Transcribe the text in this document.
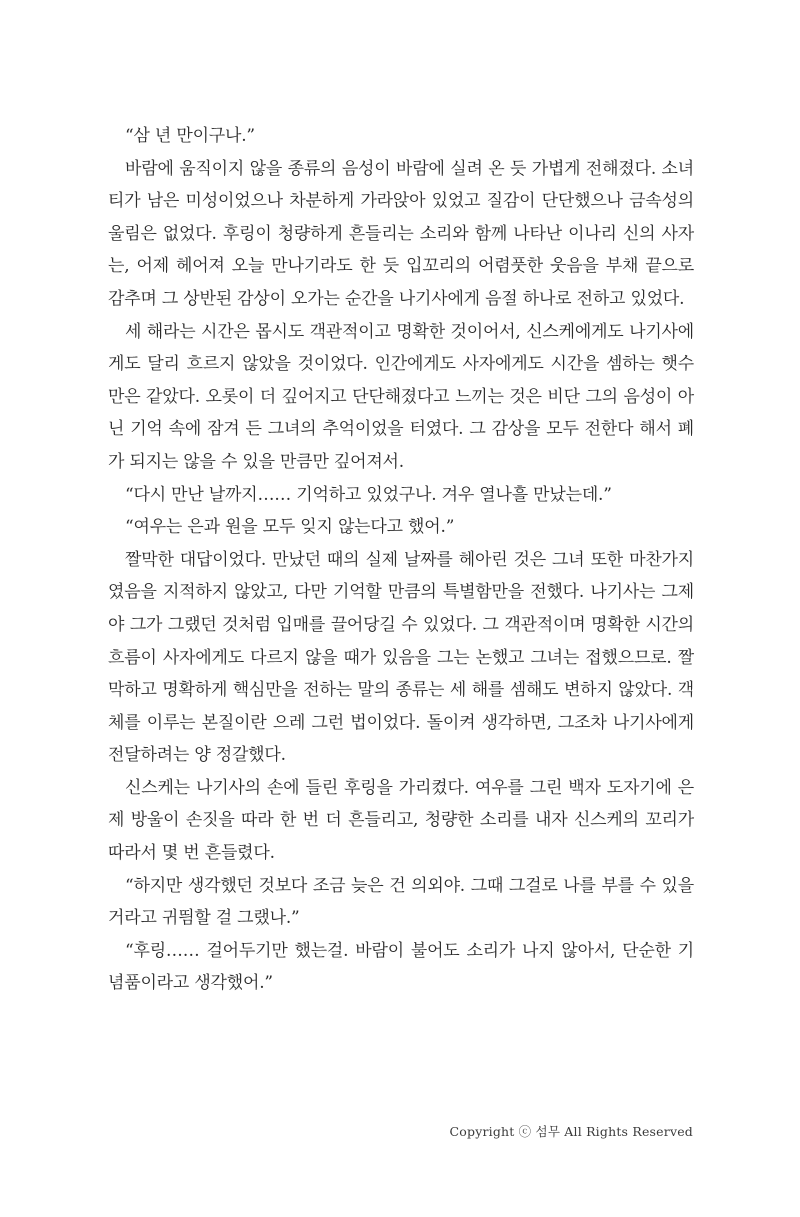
“삼 년 만이구나.”

바람에 움직이지 않을 종류의 음성이 바람에 실려 온 듯 가볍게 전해졌다. 소녀티가 남은 미성이었으나 차분하게 가라앉아 있었고 질감이 단단했으나 금속성의 울림은 없었다. 후링이 청량하게 흔들리는 소리와 함께 나타난 이나리 신의 사자는, 어제 헤어져 오늘 만나기라도 한 듯 입꼬리의 어렴풋한 웃음을 부채 끝으로 감추며 그 상반된 감상이 오가는 순간을 나기사에게 음절 하나로 전하고 있었다.

세 해라는 시간은 몹시도 객관적이고 명확한 것이어서, 신스케에게도 나기사에게도 달리 흐르지 않았을 것이었다. 인간에게도 사자에게도 시간을 셈하는 햇수만은 같았다. 오롯이 더 깊어지고 단단해졌다고 느끼는 것은 비단 그의 음성이 아닌 기억 속에 잠겨 든 그녀의 추억이었을 터였다. 그 감상을 모두 전한다 해서 폐가 되지는 않을 수 있을 만큼만 깊어져서.

“다시 만난 날까지…… 기억하고 있었구나. 겨우 열나흘 만났는데.”

“여우는 은과 원을 모두 잊지 않는다고 했어.”

짤막한 대답이었다. 만났던 때의 실제 날짜를 헤아린 것은 그녀 또한 마찬가지였음을 지적하지 않았고, 다만 기억할 만큼의 특별함만을 전했다. 나기사는 그제야 그가 그랬던 것처럼 입매를 끌어당길 수 있었다. 그 객관적이며 명확한 시간의 흐름이 사자에게도 다르지 않을 때가 있음을 그는 논했고 그녀는 접했으므로. 짤막하고 명확하게 핵심만을 전하는 말의 종류는 세 해를 셈해도 변하지 않았다. 객체를 이루는 본질이란 으레 그런 법이었다. 돌이켜 생각하면, 그조차 나기사에게 전달하려는 양 정갈했다.

신스케는 나기사의 손에 들린 후링을 가리켰다. 여우를 그린 백자 도자기에 은제 방울이 손짓을 따라 한 번 더 흔들리고, 청량한 소리를 내자 신스케의 꼬리가 따라서 몇 번 흔들렸다.

“하지만 생각했던 것보다 조금 늦은 건 의외야. 그때 그걸로 나를 부를 수 있을 거라고 귀띔할 걸 그랬나.”

“후링…… 걸어두기만 했는걸. 바람이 불어도 소리가 나지 않아서, 단순한 기념품이라고 생각했어.”

Copyright ⓒ 섬무 All Rights Reserved
